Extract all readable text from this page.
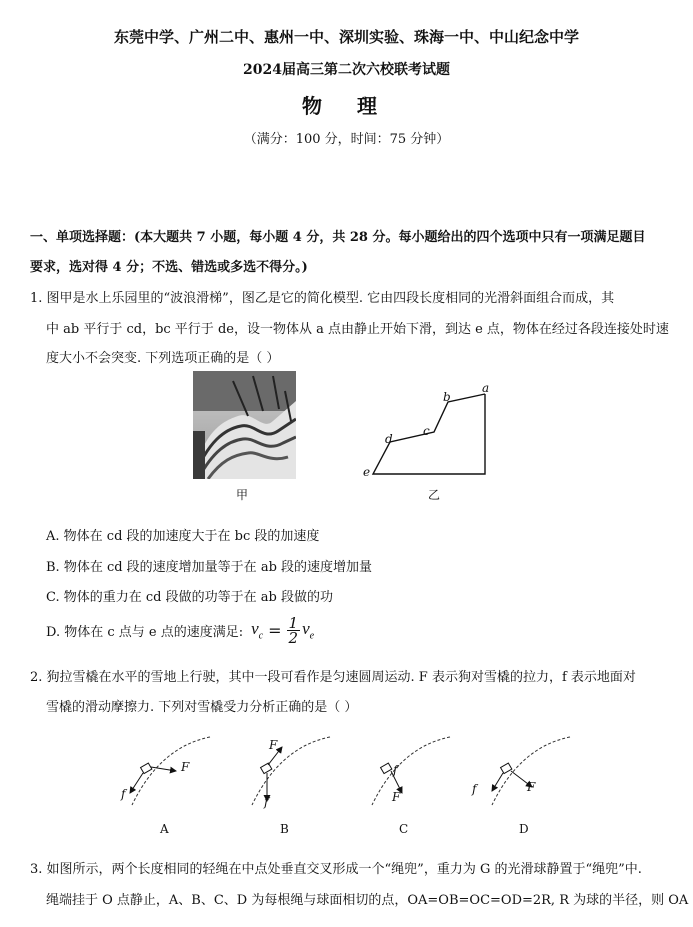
东莞中学、广州二中、惠州一中、深圳实验、珠海一中、中山纪念中学
2024届高三第二次六校联考试题
物 理
（满分：100 分，时间：75 分钟）
一、单项选择题：(本大题共 7 小题，每小题 4 分，共 28 分。每小题给出的四个选项中只有一项满足题目
要求，选对得 4 分；不选、错选或多选不得分。)
1. 图甲是水上乐园里的“波浪滑梯”，图乙是它的简化模型. 它由四段长度相同的光滑斜面组合而成，其
中 ab 平行于 cd，bc 平行于 de，设一物体从 a 点由静止开始下滑，到达 e 点，物体在经过各段连接处时速
度大小不会突变. 下列选项正确的是（ ）
甲
a
b
c
d
e
乙
A. 物体在 cd 段的加速度大于在 bc 段的加速度
B. 物体在 cd 段的速度增加量等于在 ab 段的速度增加量
C. 物体的重力在 cd 段做的功等于在 ab 段做的功
D. 物体在 c 点与 e 点的速度满足: $v_c = \frac{1}{2} v_e$
2. 狗拉雪橇在水平的雪地上行驶，其中一段可看作是匀速圆周运动. F 表示狗对雪橇的拉力，f 表示地面对
雪橇的滑动摩擦力. 下列对雪橇受力分析正确的是（ ）
F
f
F
f
f
F
F
f
A	B	C	D
3. 如图所示，两个长度相同的轻绳在中点处垂直交叉形成一个“绳兜”，重力为 G 的光滑球静置于“绳兜”中.
绳端挂于 O 点静止，A、B、C、D 为每根绳与球面相切的点，OA=OB=OC=OD=2R, R 为球的半径，则 OA
